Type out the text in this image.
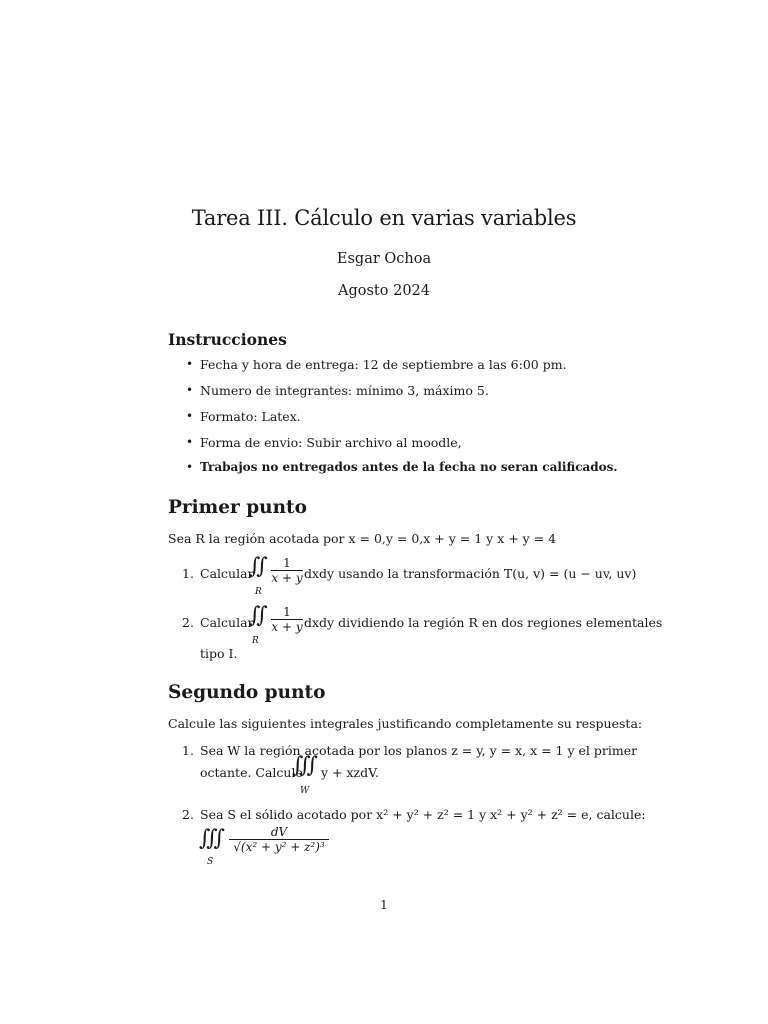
Tarea III. Cálculo en varias variables
Esgar Ochoa
Agosto 2024
Instrucciones
• Fecha y hora de entrega: 12 de septiembre a las 6:00 pm.
• Numero de integrantes: mínimo 3, máximo 5.
• Formato: Latex.
• Forma de envio: Subir archivo al moodle,
• Trabajos no entregados antes de la fecha no seran calificados.
Primer punto
Sea R la región acotada por x = 0,y = 0,x + y = 1 y x + y = 4
1. Calcular
∬
R
$\frac{1}{x + y}$ dxdy usando la transformación T(u, v) = (u − uv, uv)
2. Calcular
∬
R
$\frac{1}{x + y}$ dxdy dividiendo la región R en dos regiones elementales
tipo I.
Segundo punto
Calcule las siguientes integrales justificando completamente su respuesta:
1. Sea W la región acotada por los planos z = y, y = x, x = 1 y el primer
octante. Calcule
∭
W
y + xzdV.
2. Sea S el sólido acotado por x² + y² + z² = 1 y x² + y² + z² = e, calcule:
∭
S
$\frac{dV}{\text{√(x² + y² + z²)³}}$
1
